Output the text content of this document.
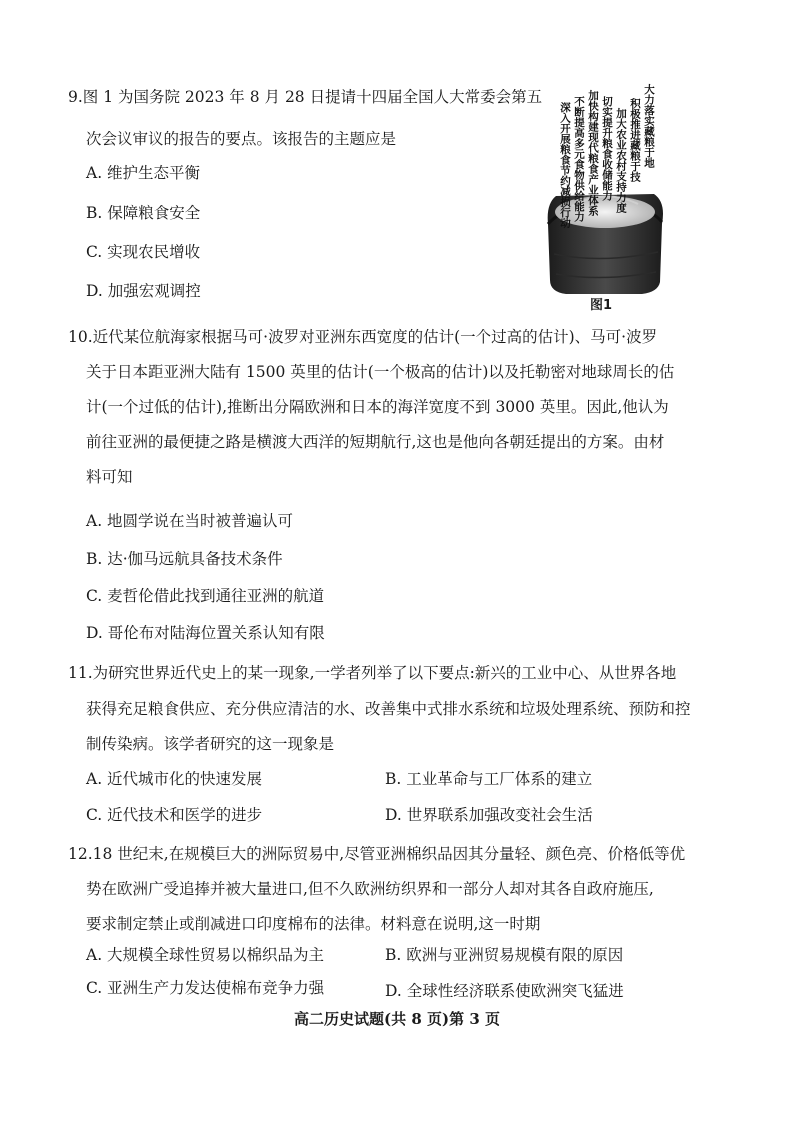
9.图 1 为国务院 2023 年 8 月 28 日提请十四届全国人大常委会第五
次会议审议的报告的要点。该报告的主题应是
A. 维护生态平衡
B. 保障粮食安全
C. 实现农民增收
D. 加强宏观调控
大力落实藏粮于地
积极推进藏粮于技
加大农业农村支持力度
切实提升粮食收储能力
加快构建现代粮食产业体系
不断提高多元食物供给能力
深入开展粮食节约减损行动
图1
10.近代某位航海家根据马可·波罗对亚洲东西宽度的估计(一个过高的估计)、马可·波罗
关于日本距亚洲大陆有 1500 英里的估计(一个极高的估计)以及托勒密对地球周长的估
计(一个过低的估计),推断出分隔欧洲和日本的海洋宽度不到 3000 英里。因此,他认为
前往亚洲的最便捷之路是横渡大西洋的短期航行,这也是他向各朝廷提出的方案。由材
料可知
A. 地圆学说在当时被普遍认可
B. 达·伽马远航具备技术条件
C. 麦哲伦借此找到通往亚洲的航道
D. 哥伦布对陆海位置关系认知有限
11.为研究世界近代史上的某一现象,一学者列举了以下要点:新兴的工业中心、从世界各地
获得充足粮食供应、充分供应清洁的水、改善集中式排水系统和垃圾处理系统、预防和控
制传染病。该学者研究的这一现象是
A. 近代城市化的快速发展	B. 工业革命与工厂体系的建立
C. 近代技术和医学的进步	D. 世界联系加强改变社会生活
12.18 世纪末,在规模巨大的洲际贸易中,尽管亚洲棉织品因其分量轻、颜色亮、价格低等优
势在欧洲广受追捧并被大量进口,但不久欧洲纺织界和一部分人却对其各自政府施压,
要求制定禁止或削减进口印度棉布的法律。材料意在说明,这一时期
A. 大规模全球性贸易以棉织品为主	B. 欧洲与亚洲贸易规模有限的原因
C. 亚洲生产力发达使棉布竞争力强	D. 全球性经济联系使欧洲突飞猛进
高二历史试题(共 8 页)第 3 页
